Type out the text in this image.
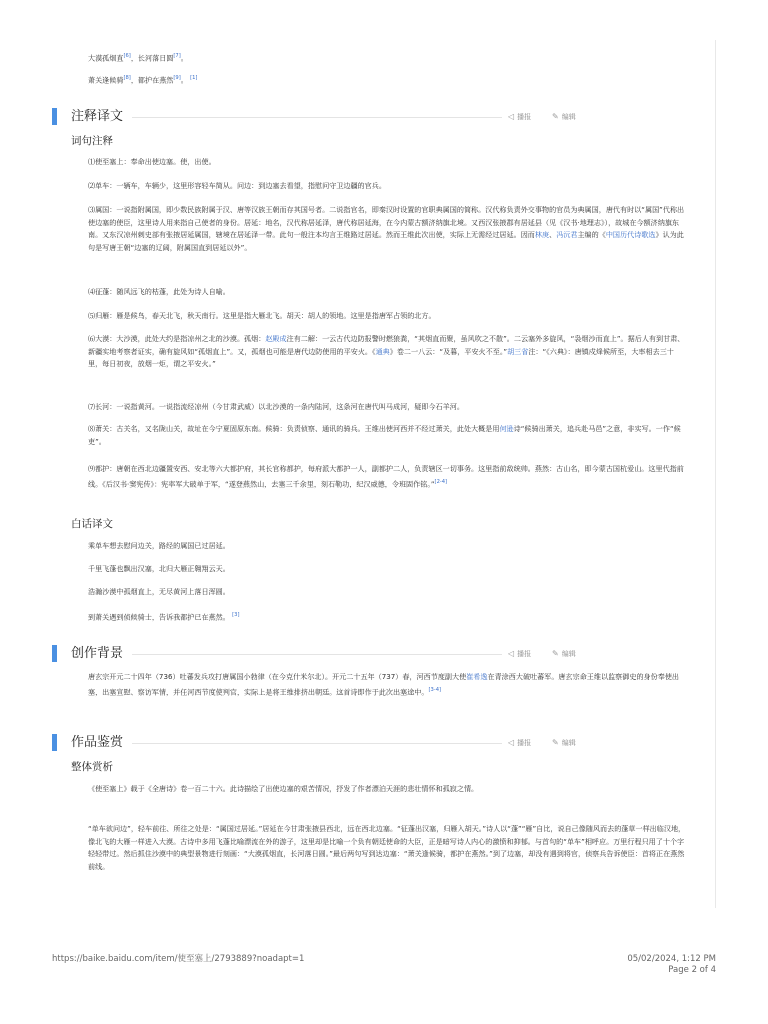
大漠孤烟直[6]，长河落日圆[7]。
萧关逢候骑[8]，都护在燕然[9]。 [1]
注释译文	◁ 播报	✎ 编辑
词句注释
⑴使至塞上：奉命出使边塞。使，出使。
⑵单车：一辆车，车辆少，这里形容轻车简从。问边：到边塞去看望，指慰问守卫边疆的官兵。
⑶属国：一说指附属国，即少数民族附属于汉、唐等汉族王朝而存其国号者。二说指官名，即秦汉时设置的官职典属国的简称。汉代称负责外交事物的官员为典属国，唐代有时以“属国”代称出使边塞的使臣，这里诗人用来指自己使者的身份。居延：地名，汉代称居延泽，唐代称居延海，在今内蒙古额济纳旗北境。又西汉张掖郡有居延县（见《汉书·地理志》），故城在今额济纳旗东南。又东汉凉州刺史部有张掖居延属国，辖境在居延泽一带。此句一般注本均言王维路过居延。然而王维此次出使，实际上无需经过居延。因而林庚、冯沅君主编的《中国历代诗歌选》认为此句是写唐王朝“边塞的辽阔，附属国直到居延以外”。
⑷征蓬：随风远飞的枯蓬，此处为诗人自喻。
⑸归雁：雁是候鸟，春天北飞，秋天南行。这里是指大雁北飞。胡天：胡人的领地。这里是指唐军占领的北方。
⑹大漠：大沙漠，此处大约是指凉州之北的沙漠。孤烟：赵殿成注有二解：一云古代边防报警时燃狼粪，“其烟直而聚，虽风吹之不散”。二云塞外多旋风，“袅烟沙而直上”。据后人有到甘肃、新疆实地考察者证实，确有旋风如“孤烟直上”。又，孤烟也可能是唐代边防使用的平安火。《通典》卷二一八云：“及暮，平安火不至。”胡三省注：“《六典》：唐镇戍烽候所至，大率相去三十里，每日初夜，放烟一炬，谓之平安火。”
⑺长河：一说指黄河。一说指流经凉州（今甘肃武威）以北沙漠的一条内陆河，这条河在唐代叫马成河，疑即今石羊河。
⑻萧关：古关名，又名陇山关，故址在今宁夏固原东南。候骑：负责侦察、通讯的骑兵。王维出使河西并不经过萧关，此处大概是用何逊诗“候骑出萧关，追兵赴马邑”之意，非实写。一作“候吏”。
⑼都护：唐朝在西北边疆置安西、安北等六大都护府，其长官称都护，每府派大都护一人，副都护二人，负责辖区一切事务。这里指前敌统帅。燕然：古山名，即今蒙古国杭爱山。这里代指前线。《后汉书·窦宪传》：宪率军大破单于军，“遂登燕然山，去塞三千余里，刻石勒功，纪汉威德，令班固作铭。”[2-4]
白话译文
乘单车想去慰问边关，路经的属国已过居延。
千里飞蓬也飘出汉塞，北归大雁正翱翔云天。
浩瀚沙漠中孤烟直上，无尽黄河上落日浑圆。
到萧关遇到侦候骑士，告诉我都护已在燕然。 [3]
创作背景	◁ 播报	✎ 编辑
唐玄宗开元二十四年（736）吐蕃发兵攻打唐属国小勃律（在今克什米尔北）。开元二十五年（737）春，河西节度副大使崔希逸在青涂西大破吐蕃军。唐玄宗命王维以监察御史的身份奉使出塞，出塞宣慰、察访军情，并任河西节度使判官，实际上是将王维排挤出朝廷。这首诗即作于此次出塞途中。[3-4]
作品鉴赏	◁ 播报	✎ 编辑
整体赏析
《使至塞上》载于《全唐诗》卷一百二十六。此诗描绘了出使边塞的艰苦情况，抒发了作者漂泊天涯的悲壮情怀和孤寂之情。
“单车欲问边”，轻车前往、所往之处是：“属国过居延。”居延在今甘肃张掖县西北，远在西北边塞。“征蓬出汉塞，归雁入胡天。”诗人以“蓬”“雁”自比，说自己像随风而去的蓬草一样出临汉地，像北飞的大雁一样进入大漠。古诗中多用飞蓬比喻漂流在外的游子，这里却是比喻一个负有朝廷使命的大臣，正是暗写诗人内心的激愤和抑郁。与首句的“单车”相呼应。万里行程只用了十个字轻轻带过。然后抓住沙漠中的典型景物进行刻画：“大漠孤烟直，长河落日圆。”最后两句写到达边塞：“萧关逢候骑，都护在燕然。”到了边塞，却没有遇到将官，侦察兵告诉使臣：首将正在燕然前线。
https://baike.baidu.com/item/使至塞上/2793889?noadapt=1	05/02/2024, 1:12 PM
Page 2 of 4
